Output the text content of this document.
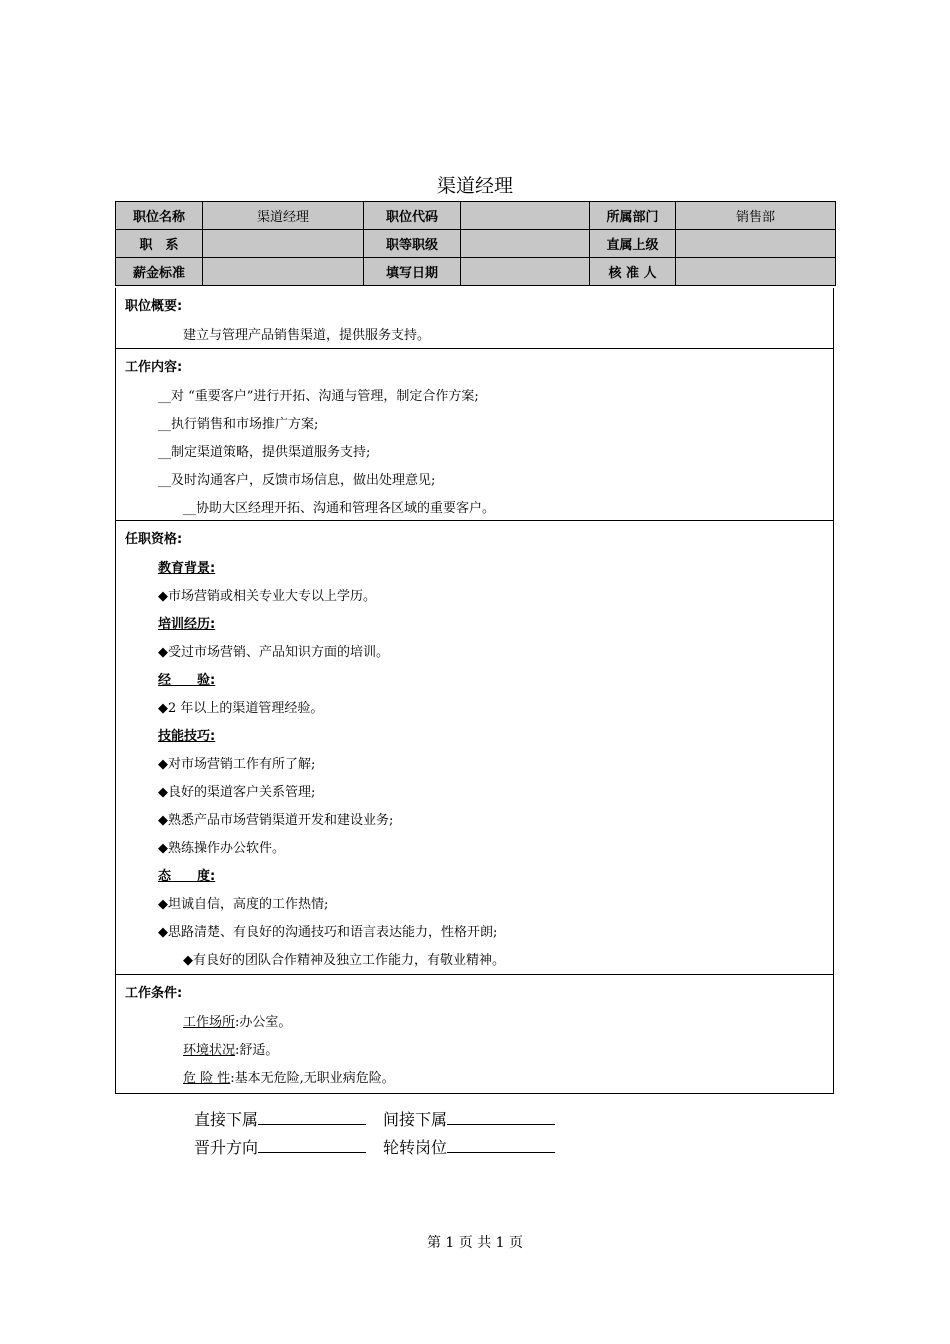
渠道经理
职位名称	渠道经理	职位代码		所属部门	销售部
职　系		职等职级		直属上级	
薪金标准		填写日期		核 准 人	
职位概要:
建立与管理产品销售渠道，提供服务支持。
工作内容:
__对 “重要客户”进行开拓、沟通与管理，制定合作方案;
__执行销售和市场推广方案;
__制定渠道策略，提供渠道服务支持;
__及时沟通客户，反馈市场信息，做出处理意见;
__协助大区经理开拓、沟通和管理各区域的重要客户。
任职资格:
教育背景:
◆市场营销或相关专业大专以上学历。
培训经历:
◆受过市场营销、产品知识方面的培训。
经　　验:
◆2 年以上的渠道管理经验。
技能技巧:
◆对市场营销工作有所了解;
◆良好的渠道客户关系管理;
◆熟悉产品市场营销渠道开发和建设业务;
◆熟练操作办公软件。
态　　度:
◆坦诚自信，高度的工作热情;
◆思路清楚、有良好的沟通技巧和语言表达能力，性格开朗;
◆有良好的团队合作精神及独立工作能力，有敬业精神。
工作条件:
工作场所:办公室。
环境状况:舒适。
危 险 性:基本无危险,无职业病危险。
直接下属	间接下属
晋升方向	轮转岗位
第 1 页 共 1 页
